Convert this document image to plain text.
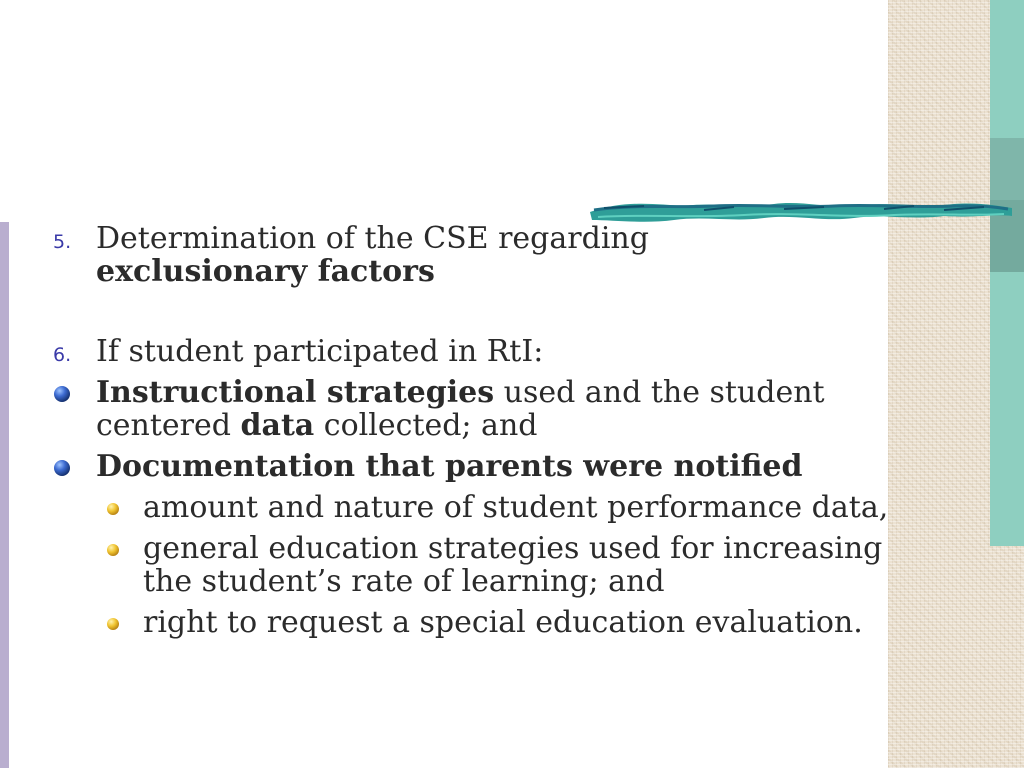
5. Determination of the CSE regarding
exclusionary factors
6. If student participated in RtI:
Instructional strategies used and the student centered data collected; and
Documentation that parents were notified
amount and nature of student performance data,
general education strategies used for increasing the student’s rate of learning; and
right to request a special education evaluation.
